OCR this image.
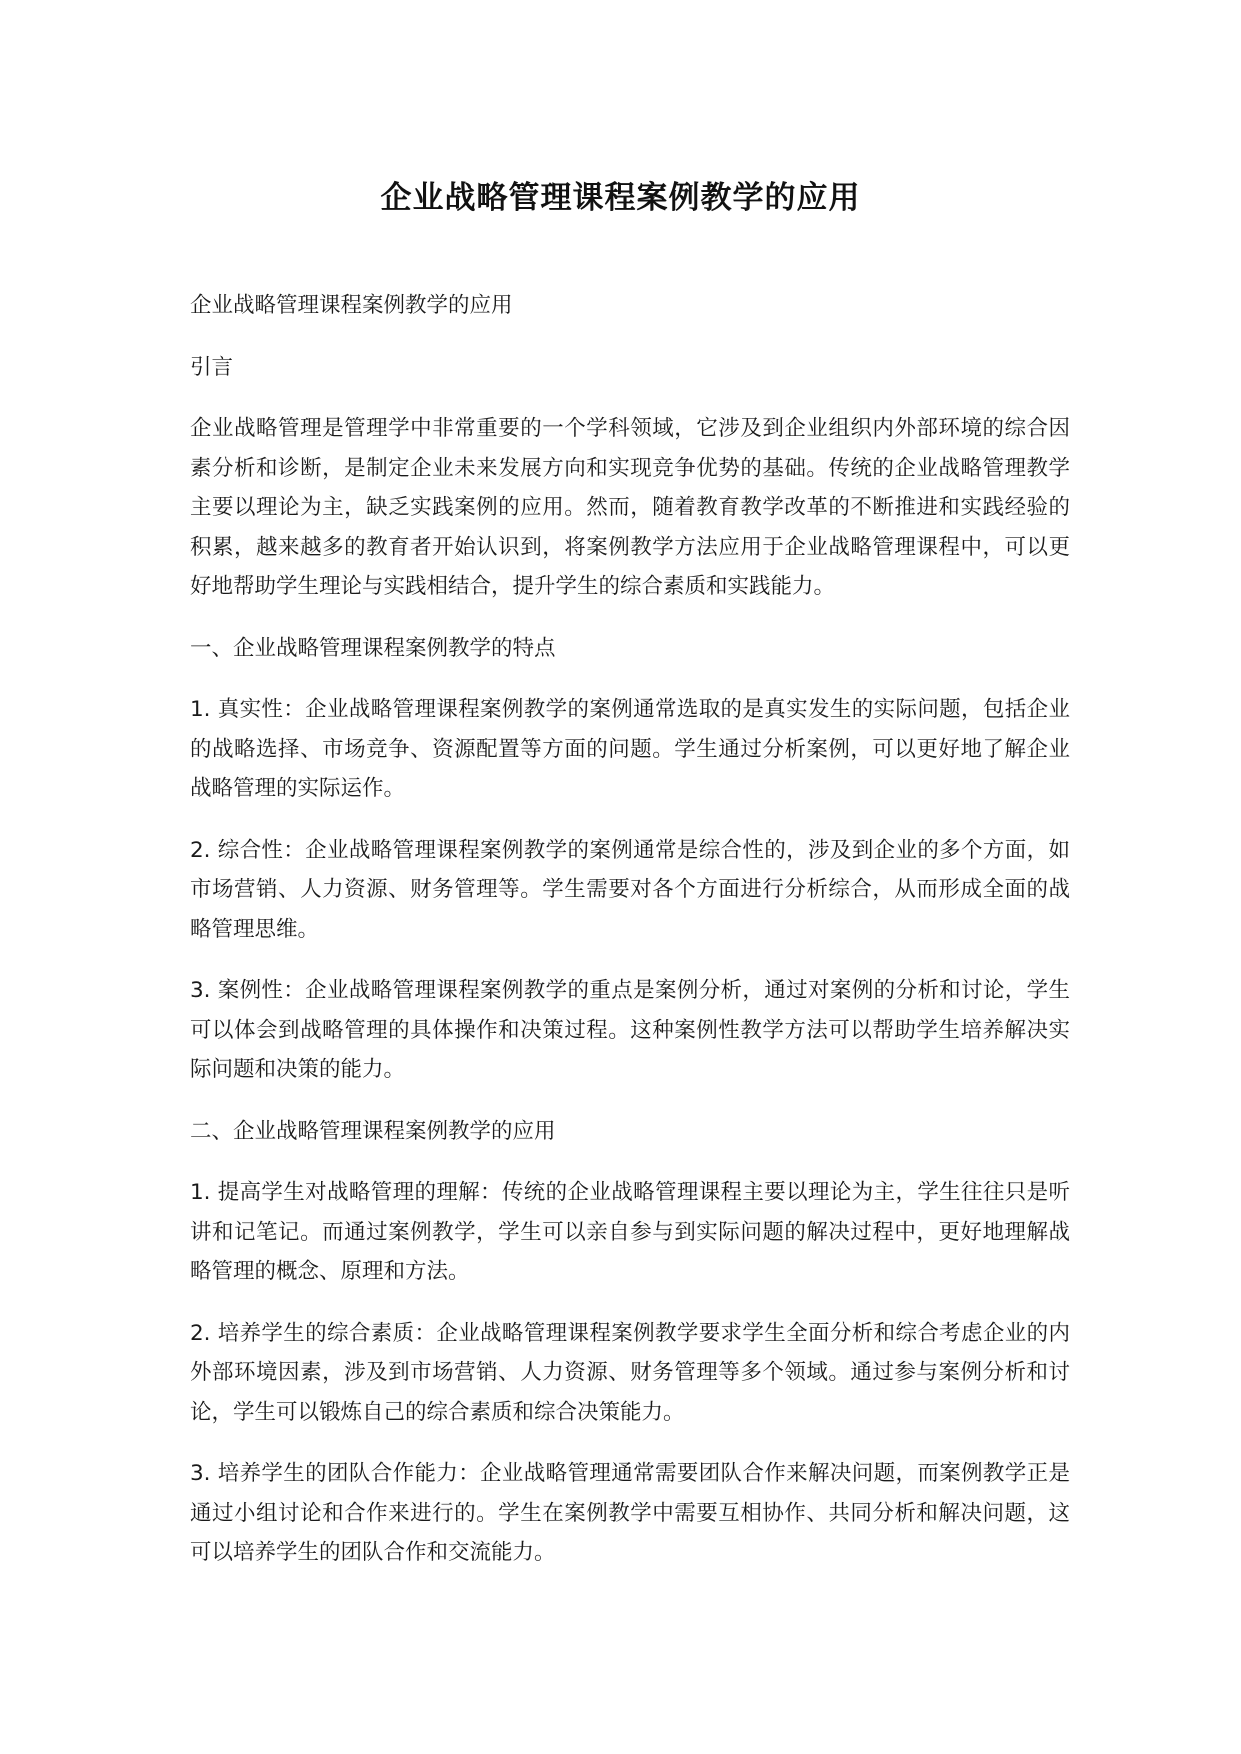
企业战略管理课程案例教学的应用

企业战略管理课程案例教学的应用

引言

企业战略管理是管理学中非常重要的一个学科领域，它涉及到企业组织内外部环境的综合因素分析和诊断，是制定企业未来发展方向和实现竞争优势的基础。传统的企业战略管理教学主要以理论为主，缺乏实践案例的应用。然而，随着教育教学改革的不断推进和实践经验的积累，越来越多的教育者开始认识到，将案例教学方法应用于企业战略管理课程中，可以更好地帮助学生理论与实践相结合，提升学生的综合素质和实践能力。

一、企业战略管理课程案例教学的特点

1. 真实性：企业战略管理课程案例教学的案例通常选取的是真实发生的实际问题，包括企业的战略选择、市场竞争、资源配置等方面的问题。学生通过分析案例，可以更好地了解企业战略管理的实际运作。

2. 综合性：企业战略管理课程案例教学的案例通常是综合性的，涉及到企业的多个方面，如市场营销、人力资源、财务管理等。学生需要对各个方面进行分析综合，从而形成全面的战略管理思维。

3. 案例性：企业战略管理课程案例教学的重点是案例分析，通过对案例的分析和讨论，学生可以体会到战略管理的具体操作和决策过程。这种案例性教学方法可以帮助学生培养解决实际问题和决策的能力。

二、企业战略管理课程案例教学的应用

1. 提高学生对战略管理的理解：传统的企业战略管理课程主要以理论为主，学生往往只是听讲和记笔记。而通过案例教学，学生可以亲自参与到实际问题的解决过程中，更好地理解战略管理的概念、原理和方法。

2. 培养学生的综合素质：企业战略管理课程案例教学要求学生全面分析和综合考虑企业的内外部环境因素，涉及到市场营销、人力资源、财务管理等多个领域。通过参与案例分析和讨论，学生可以锻炼自己的综合素质和综合决策能力。

3. 培养学生的团队合作能力：企业战略管理通常需要团队合作来解决问题，而案例教学正是通过小组讨论和合作来进行的。学生在案例教学中需要互相协作、共同分析和解决问题，这可以培养学生的团队合作和交流能力。
